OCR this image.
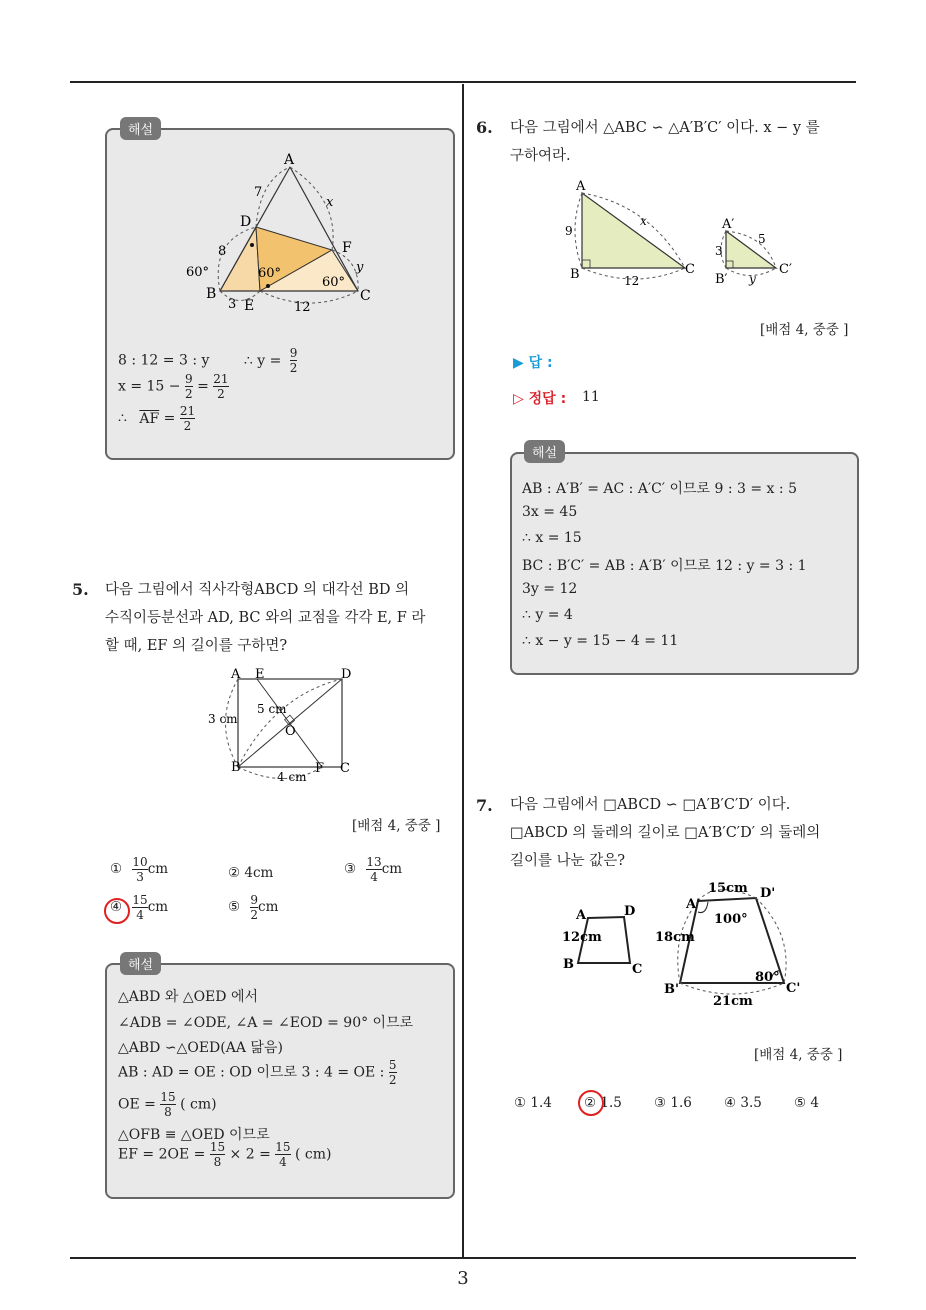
해설
A
D
F
B
E
C
7
x
8
y
60°	60°
60°
3	12
8 : 12 = 3 : y ∴ $y = \frac{9}{2}$
$x = 15 - \frac{9}{2} = \frac{21}{2}$
∴ $\overline{AF} = \frac{21}{2}$
5. 다음 그림에서 직사각형ABCD 의 대각선 BD 의
수직이등분선과 AD, BC 와의 교점을 각각 E, F 라
할 때, EF 의 길이를 구하면?
A E	D
B	F C
O
3 cm
5 cm
4 cm
[배점 4, 중중 ]
① $\frac{10}{3}$ cm	② 4cm	③ $\frac{13}{4}$ cm
④ $\frac{15}{4}$ cm	⑤ $\frac{9}{2}$ cm
해설
△ABD 와 △OED 에서
∠ADB = ∠ODE, ∠A = ∠EOD = 90° 이므로
△ABD ∽△OED(AA 닮음)
AB : AD = OE : OD 이므로 3 : 4 = OE : $\frac{5}{2}$
OE = $\frac{15}{8}$ ( cm)
△OFB ≡ △OED 이므로
EF = $2OE = \frac{15}{8} \times 2 = \frac{15}{4}$ ( cm)
6. 다음 그림에서 △ABC ∽ △A′B′C′ 이다. x − y 를
구하여라.
A
B	C
9
x
12
A′
B′
C′
3
5
y
[배점 4, 중중 ]
▶ 답 :
▷ 정답 : 11
해설
AB : A′B′ = AC : A′C′ 이므로 9 : 3 = x : 5
3x = 45
∴ x = 15
BC : B′C′ = AB : A′B′ 이므로 12 : y = 3 : 1
3y = 12
∴ y = 4
∴ x − y = 15 − 4 = 11
7. 다음 그림에서 □ABCD ∽ □A′B′C′D′ 이다.
□ABCD 의 둘레의 길이로 □A′B′C′D′ 의 둘레의
길이를 나눈 값은?
A	D
B	C
12cm
A'
D'
B'	C'
15cm
18cm
21cm
100°
80°
[배점 4, 중중 ]
① 1.4 ② 1.5 ③ 1.6 ④ 3.5 ⑤ 4
3
